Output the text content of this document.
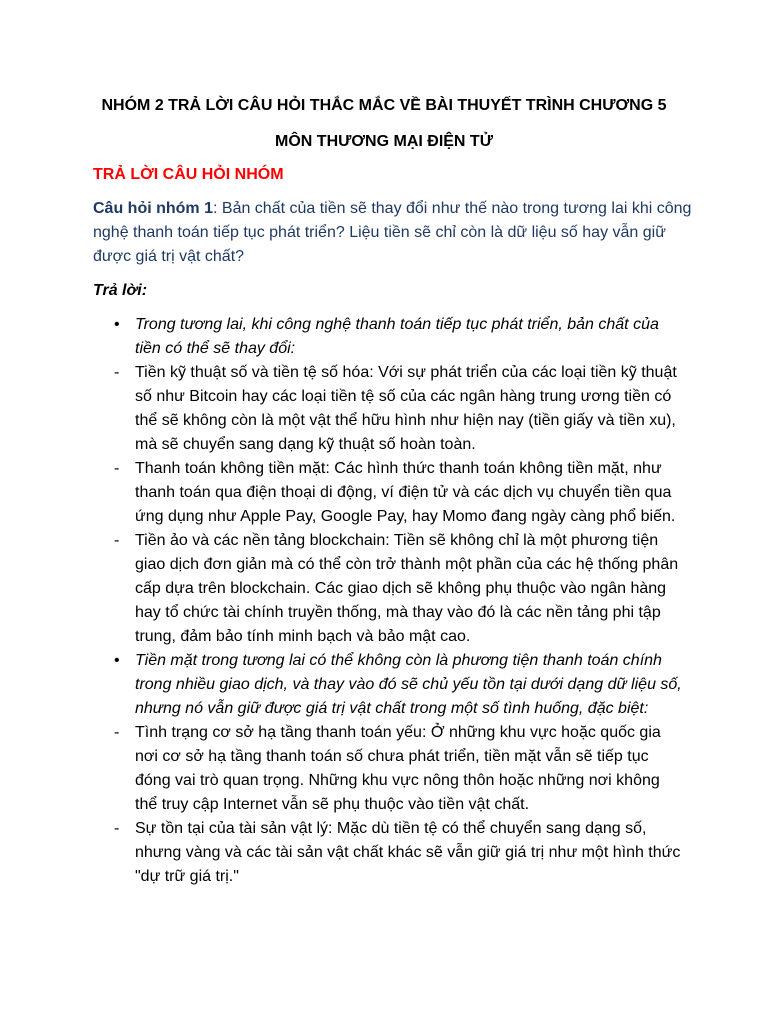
NHÓM 2 TRẢ LỜI CÂU HỎI THẮC MẮC VỀ BÀI THUYẾT TRÌNH CHƯƠNG 5
MÔN THƯƠNG MẠI ĐIỆN TỬ
TRẢ LỜI CÂU HỎI NHÓM
Câu hỏi nhóm 1: Bản chất của tiền sẽ thay đổi như thế nào trong tương lai khi công nghệ thanh toán tiếp tục phát triển? Liệu tiền sẽ chỉ còn là dữ liệu số hay vẫn giữ được giá trị vật chất?
Trả lời:
• Trong tương lai, khi công nghệ thanh toán tiếp tục phát triển, bản chất của tiền có thể sẽ thay đổi:
- Tiền kỹ thuật số và tiền tệ số hóa: Với sự phát triển của các loại tiền kỹ thuật số như Bitcoin hay các loại tiền tệ số của các ngân hàng trung ương tiền có thể sẽ không còn là một vật thể hữu hình như hiện nay (tiền giấy và tiền xu), mà sẽ chuyển sang dạng kỹ thuật số hoàn toàn.
- Thanh toán không tiền mặt: Các hình thức thanh toán không tiền mặt, như thanh toán qua điện thoại di động, ví điện tử và các dịch vụ chuyển tiền qua ứng dụng như Apple Pay, Google Pay, hay Momo đang ngày càng phổ biến.
- Tiền ảo và các nền tảng blockchain: Tiền sẽ không chỉ là một phương tiện giao dịch đơn giản mà có thể còn trở thành một phần của các hệ thống phân cấp dựa trên blockchain. Các giao dịch sẽ không phụ thuộc vào ngân hàng hay tổ chức tài chính truyền thống, mà thay vào đó là các nền tảng phi tập trung, đảm bảo tính minh bạch và bảo mật cao.
• Tiền mặt trong tương lai có thể không còn là phương tiện thanh toán chính trong nhiều giao dịch, và thay vào đó sẽ chủ yếu tồn tại dưới dạng dữ liệu số, nhưng nó vẫn giữ được giá trị vật chất trong một số tình huống, đặc biệt:
- Tình trạng cơ sở hạ tầng thanh toán yếu: Ở những khu vực hoặc quốc gia nơi cơ sở hạ tầng thanh toán số chưa phát triển, tiền mặt vẫn sẽ tiếp tục đóng vai trò quan trọng. Những khu vực nông thôn hoặc những nơi không thể truy cập Internet vẫn sẽ phụ thuộc vào tiền vật chất.
- Sự tồn tại của tài sản vật lý: Mặc dù tiền tệ có thể chuyển sang dạng số, nhưng vàng và các tài sản vật chất khác sẽ vẫn giữ giá trị như một hình thức "dự trữ giá trị."
